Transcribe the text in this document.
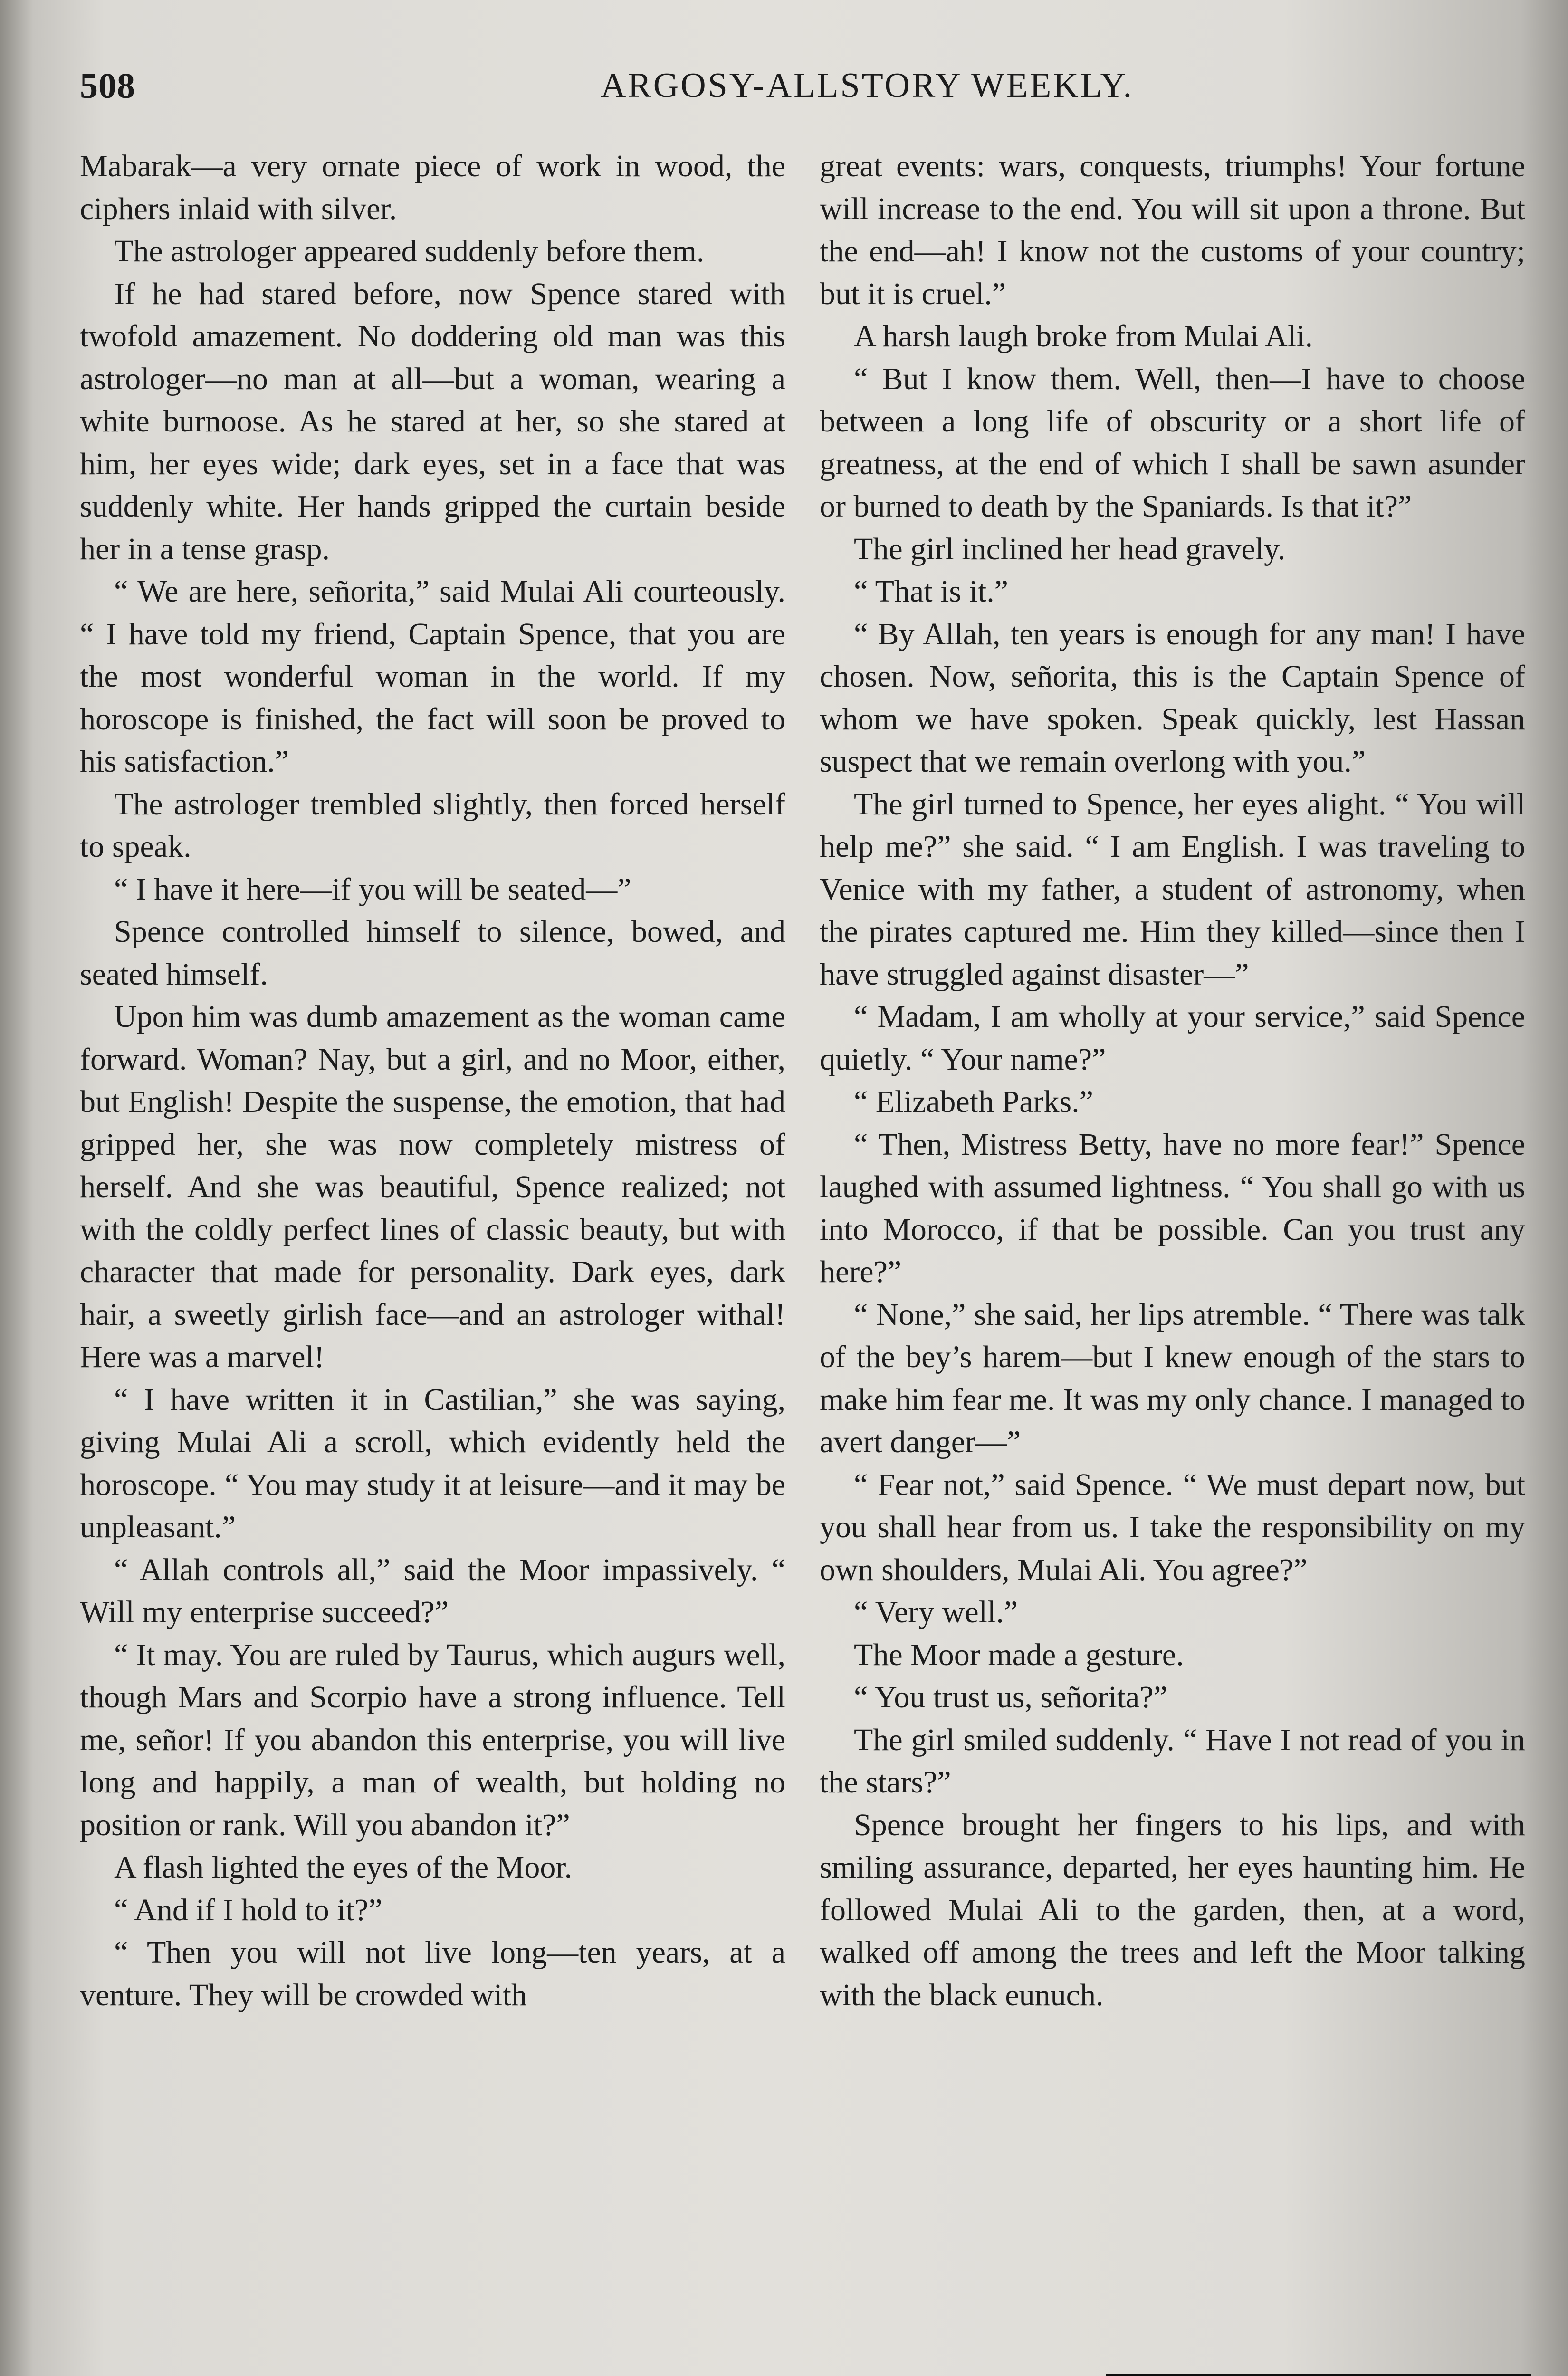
508	ARGOSY-ALLSTORY WEEKLY.

Mabarak—a very ornate piece of work in wood, the ciphers inlaid with silver.

The astrologer appeared suddenly before them.

If he had stared before, now Spence stared with twofold amazement. No doddering old man was this astrologer—no man at all—but a woman, wearing a white burnoose. As he stared at her, so she stared at him, her eyes wide; dark eyes, set in a face that was suddenly white. Her hands gripped the curtain beside her in a tense grasp.

“ We are here, señorita,” said Mulai Ali courteously. “ I have told my friend, Captain Spence, that you are the most wonderful woman in the world. If my horoscope is finished, the fact will soon be proved to his satisfaction.”

The astrologer trembled slightly, then forced herself to speak.

“ I have it here—if you will be seated—”

Spence controlled himself to silence, bowed, and seated himself.

Upon him was dumb amazement as the woman came forward. Woman? Nay, but a girl, and no Moor, either, but English! Despite the suspense, the emotion, that had gripped her, she was now completely mistress of herself. And she was beautiful, Spence realized; not with the coldly perfect lines of classic beauty, but with character that made for personality. Dark eyes, dark hair, a sweetly girlish face—and an astrologer withal! Here was a marvel!

“ I have written it in Castilian,” she was saying, giving Mulai Ali a scroll, which evidently held the horoscope. “ You may study it at leisure—and it may be unpleasant.”

“ Allah controls all,” said the Moor impassively. “ Will my enterprise succeed?”

“ It may. You are ruled by Taurus, which augurs well, though Mars and Scorpio have a strong influence. Tell me, señor! If you abandon this enterprise, you will live long and happily, a man of wealth, but holding no position or rank. Will you abandon it?”

A flash lighted the eyes of the Moor.

“ And if I hold to it?”

“ Then you will not live long—ten years, at a venture. They will be crowded with

great events: wars, conquests, triumphs! Your fortune will increase to the end. You will sit upon a throne. But the end—ah! I know not the customs of your country; but it is cruel.”

A harsh laugh broke from Mulai Ali.

“ But I know them. Well, then—I have to choose between a long life of obscurity or a short life of greatness, at the end of which I shall be sawn asunder or burned to death by the Spaniards. Is that it?”

The girl inclined her head gravely.

“ That is it.”

“ By Allah, ten years is enough for any man! I have chosen. Now, señorita, this is the Captain Spence of whom we have spoken. Speak quickly, lest Hassan suspect that we remain overlong with you.”

The girl turned to Spence, her eyes alight. “ You will help me?” she said. “ I am English. I was traveling to Venice with my father, a student of astronomy, when the pirates captured me. Him they killed—since then I have struggled against disaster—”

“ Madam, I am wholly at your service,” said Spence quietly. “ Your name?”

“ Elizabeth Parks.”

“ Then, Mistress Betty, have no more fear!” Spence laughed with assumed lightness. “ You shall go with us into Morocco, if that be possible. Can you trust any here?”

“ None,” she said, her lips atremble. “ There was talk of the bey’s harem—but I knew enough of the stars to make him fear me. It was my only chance. I managed to avert danger—”

“ Fear not,” said Spence. “ We must depart now, but you shall hear from us. I take the responsibility on my own shoulders, Mulai Ali. You agree?”

“ Very well.”

The Moor made a gesture.

“ You trust us, señorita?”

The girl smiled suddenly. “ Have I not read of you in the stars?”

Spence brought her fingers to his lips, and with smiling assurance, departed, her eyes haunting him. He followed Mulai Ali to the garden, then, at a word, walked off among the trees and left the Moor talking with the black eunuch.
